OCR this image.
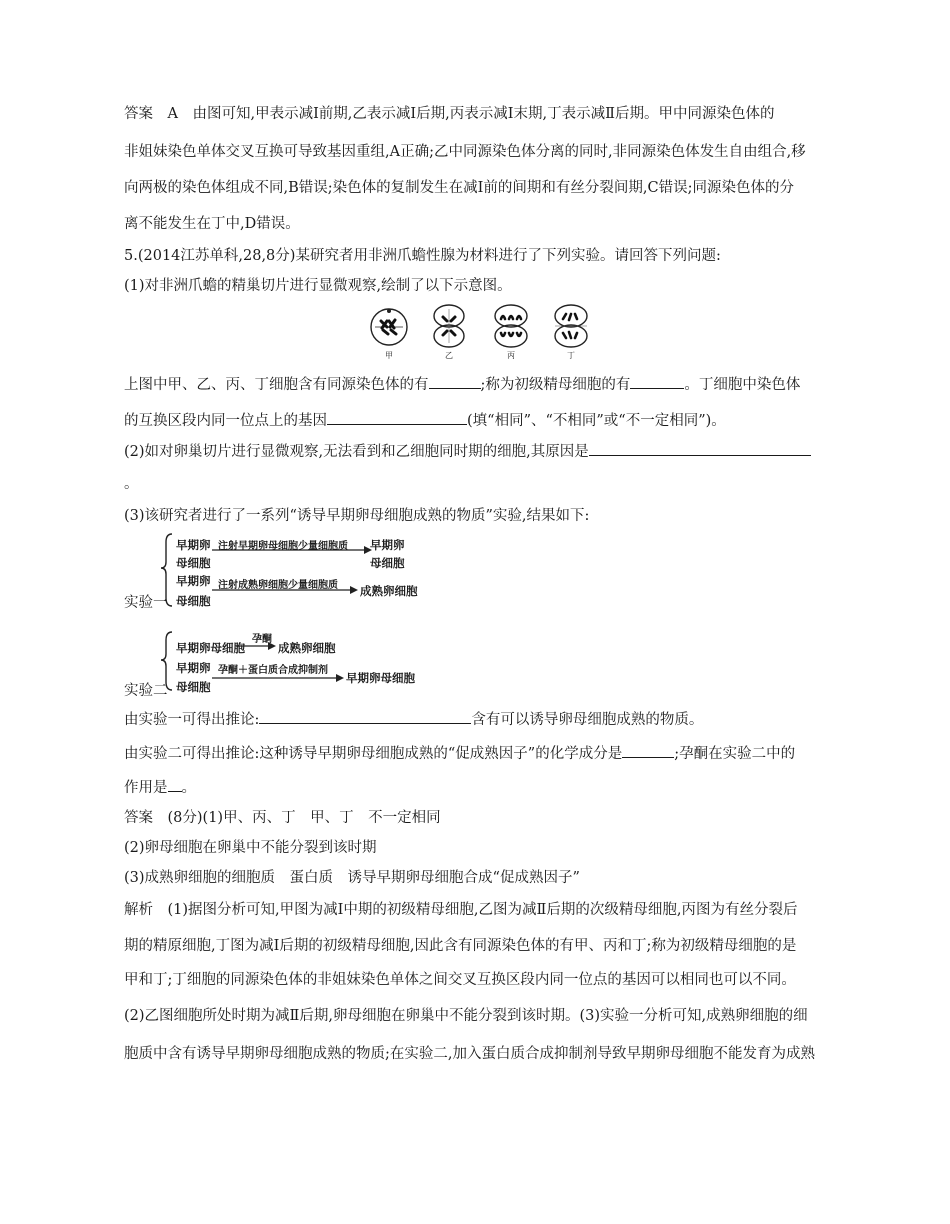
答案　A　由图可知,甲表示减Ⅰ前期,乙表示减Ⅰ后期,丙表示减Ⅰ末期,丁表示减Ⅱ后期。甲中同源染色体的
非姐妹染色单体交叉互换可导致基因重组,A正确;乙中同源染色体分离的同时,非同源染色体发生自由组合,移
向两极的染色体组成不同,B错误;染色体的复制发生在减Ⅰ前的间期和有丝分裂间期,C错误;同源染色体的分
离不能发生在丁中,D错误。
5.(2014江苏单科,28,8分)某研究者用非洲爪蟾性腺为材料进行了下列实验。请回答下列问题:
(1)对非洲爪蟾的精巢切片进行显微观察,绘制了以下示意图。
甲	乙	丙	丁
上图中甲、乙、丙、丁细胞含有同源染色体的有	;称为初级精母细胞的有	。丁细胞中染色体
的互换区段内同一位点上的基因	(填“相同”、“不相同”或“不一定相同”)。
(2)如对卵巢切片进行显微观察,无法看到和乙细胞同时期的细胞,其原因是
。
(3)该研究者进行了一系列“诱导早期卵母细胞成熟的物质”实验,结果如下:
早期卵
母细胞
注射早期卵母细胞少量细胞质 早期卵
母细胞
早期卵
母细胞
注射成熟卵细胞少量细胞质 成熟卵细胞
实验一
孕酮
早期卵母细胞	成熟卵细胞
早期卵
母细胞
孕酮＋蛋白质合成抑制剂
早期卵母细胞
实验二
由实验一可得出推论:	含有可以诱导卵母细胞成熟的物质。
由实验二可得出推论:这种诱导早期卵母细胞成熟的“促成熟因子”的化学成分是	;孕酮在实验二中的
作用是 。
答案　(8分)(1)甲、丙、丁　甲、丁　不一定相同
(2)卵母细胞在卵巢中不能分裂到该时期
(3)成熟卵细胞的细胞质　蛋白质　诱导早期卵母细胞合成“促成熟因子”
解析　(1)据图分析可知,甲图为减Ⅰ中期的初级精母细胞,乙图为减Ⅱ后期的次级精母细胞,丙图为有丝分裂后
期的精原细胞,丁图为减Ⅰ后期的初级精母细胞,因此含有同源染色体的有甲、丙和丁;称为初级精母细胞的是
甲和丁;丁细胞的同源染色体的非姐妹染色单体之间交叉互换区段内同一位点的基因可以相同也可以不同。
(2)乙图细胞所处时期为减Ⅱ后期,卵母细胞在卵巢中不能分裂到该时期。(3)实验一分析可知,成熟卵细胞的细
胞质中含有诱导早期卵母细胞成熟的物质;在实验二,加入蛋白质合成抑制剂导致早期卵母细胞不能发育为成熟
